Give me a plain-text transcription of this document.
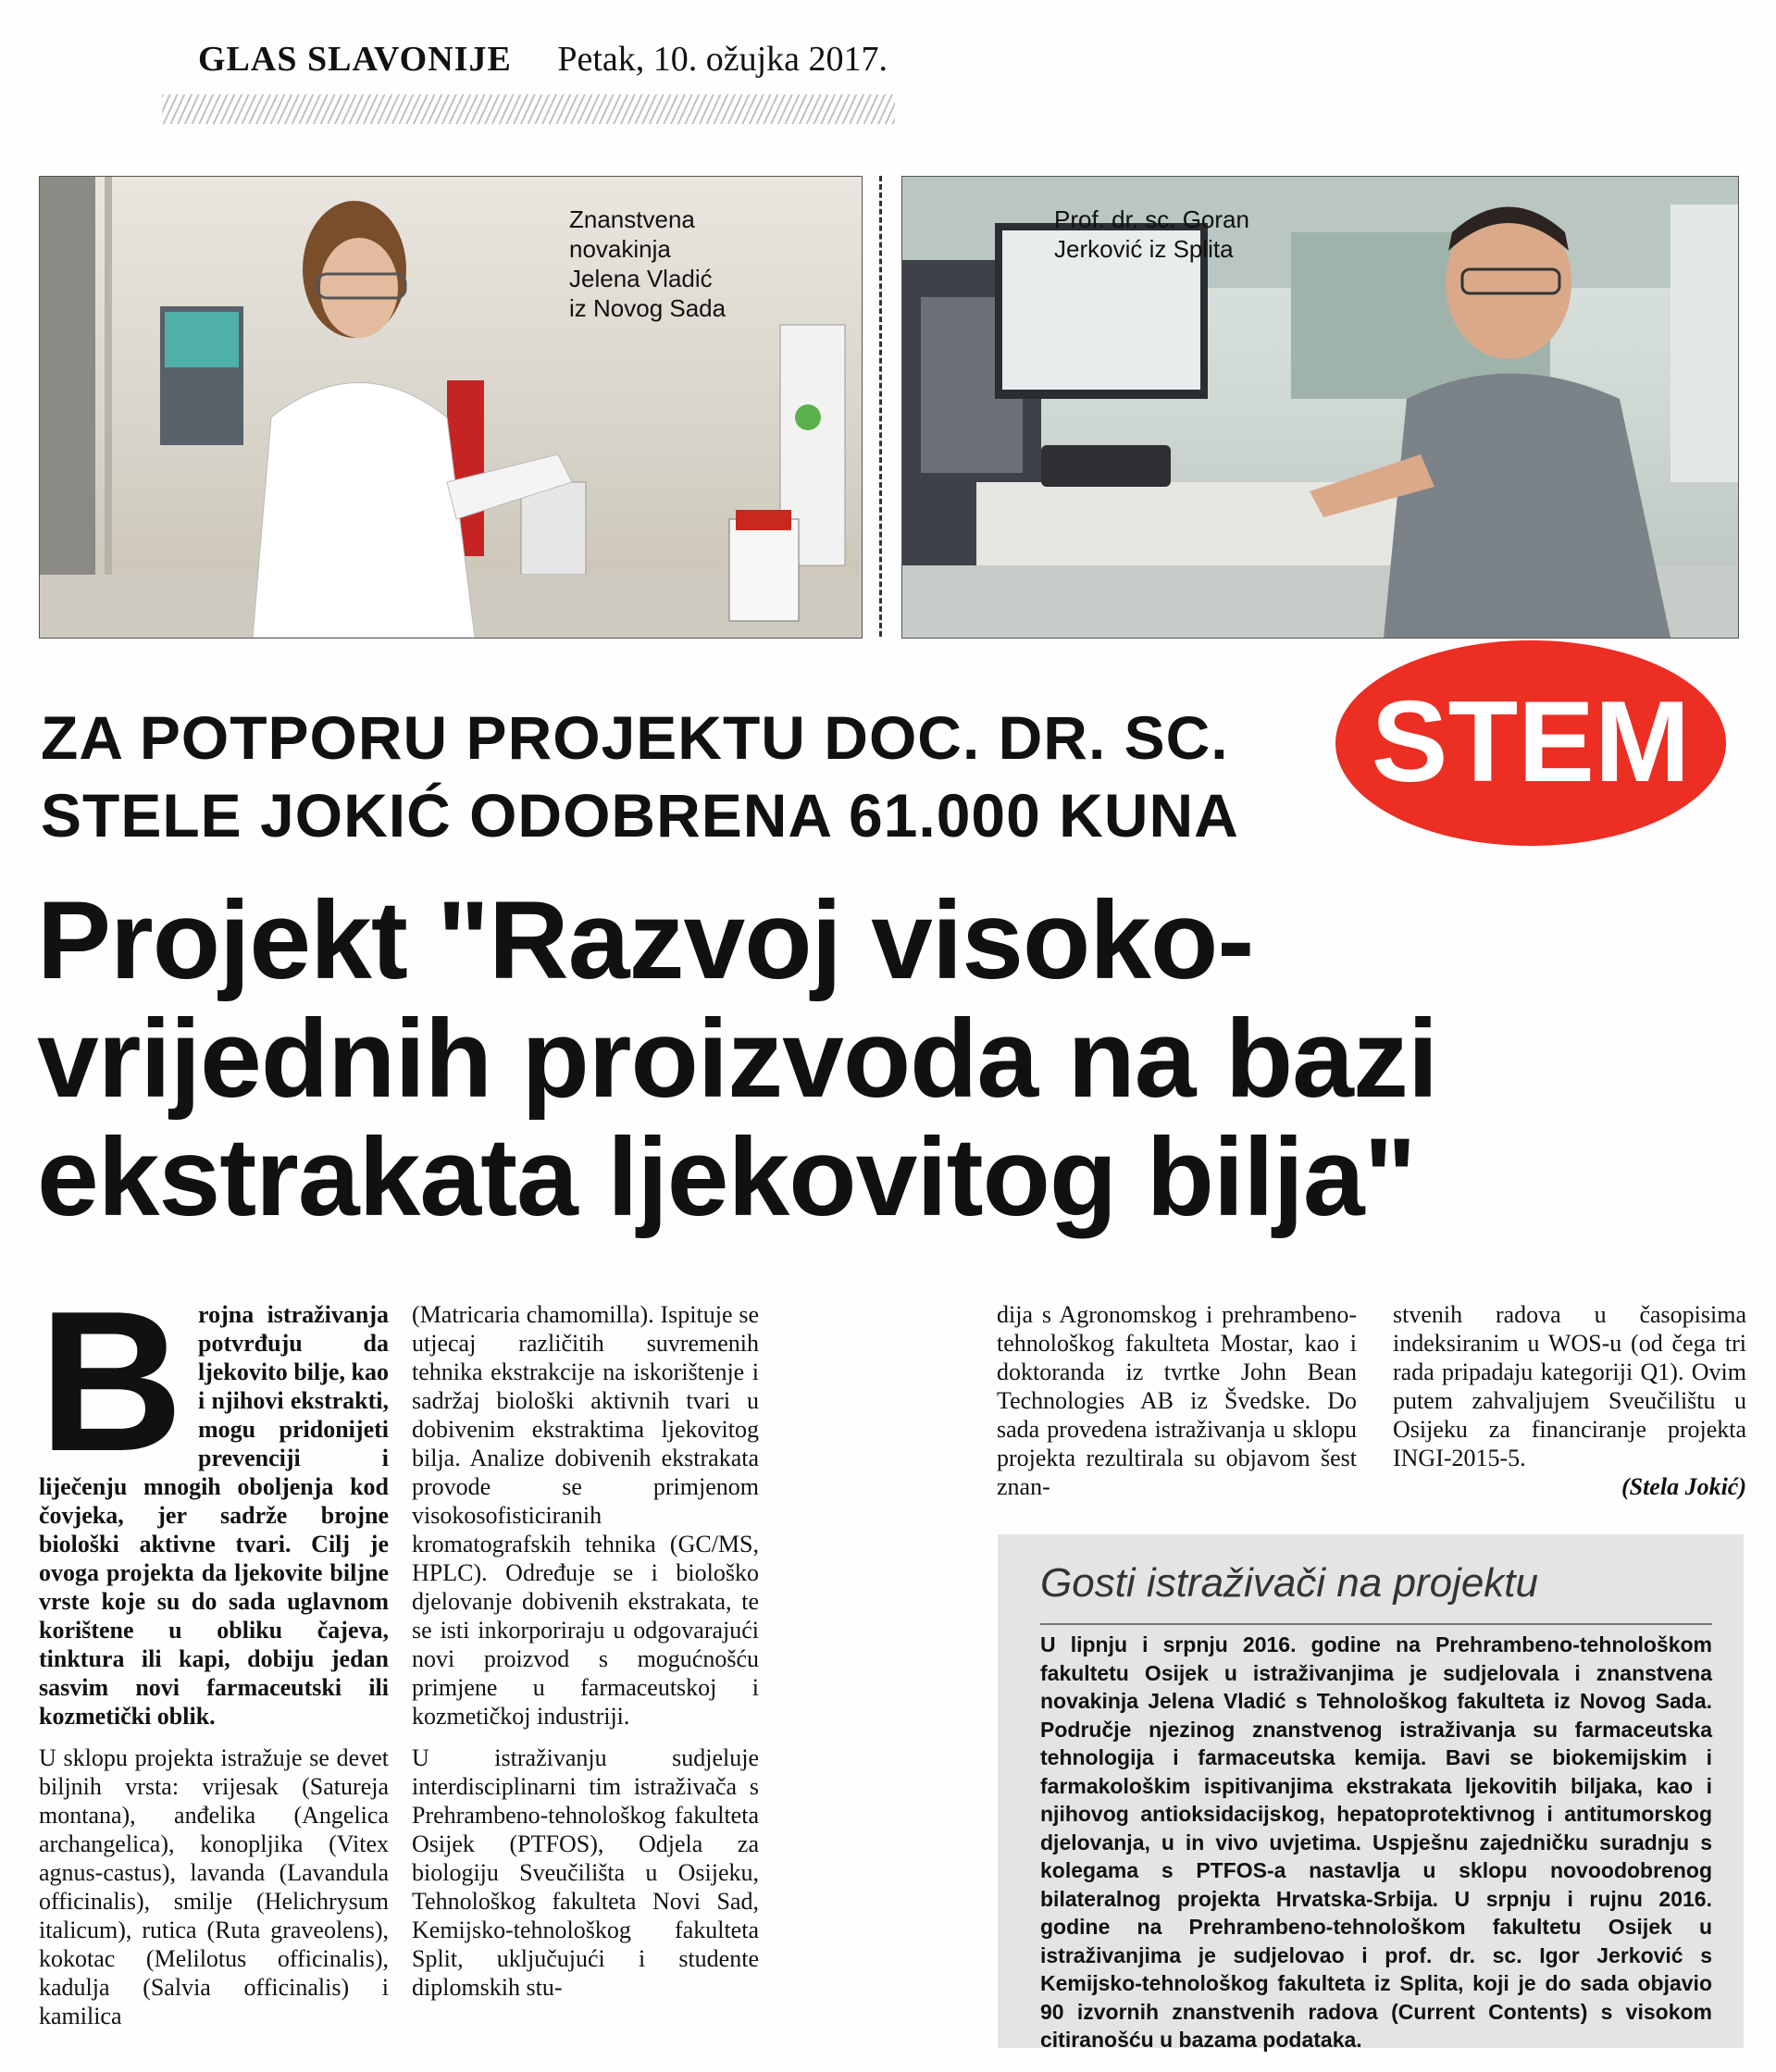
GLAS SLAVONIJE Petak, 10. ožujka 2017.
Znanstvena
novakinja
Jelena Vladić
iz Novog Sada
Prof. dr. sc. Goran
Jerković iz Splita
ZA POTPORU PROJEKTU DOC. DR. SC.
STELE JOKIĆ ODOBRENA 61.000 KUNA
STEM
Projekt "Razvoj visoko-
vrijednih proizvoda na bazi
ekstrakata ljekovitog bilja"

Brojna istraživanja potvrđuju da ljekovito bilje, kao i njihovi ekstrakti, mogu pridonijeti prevenciji i liječenju mnogih oboljenja kod čovjeka, jer sadrže brojne biološki aktivne tvari. Cilj je ovoga projekta da ljekovite biljne vrste koje su do sada uglavnom korištene u obliku čajeva, tinktura ili kapi, dobiju jedan sasvim novi farmaceutski ili kozmetički oblik.

U sklopu projekta istražuje se devet biljnih vrsta: vrijesak (Satureja montana), anđelika (Angelica archangelica), konopljika (Vitex agnus-castus), lavanda (Lavandula officinalis), smilje (Helichrysum italicum), rutica (Ruta graveolens), kokotac (Melilotus officinalis), kadulja (Salvia officinalis) i kamilica

(Matricaria chamomilla). Ispituje se utjecaj različitih suvremenih tehnika ekstrakcije na iskorištenje i sadržaj biološki aktivnih tvari u dobivenim ekstraktima ljekovitog bilja. Analize dobivenih ekstrakata provode se primjenom visokosofisticiranih kromatografskih tehnika (GC/MS, HPLC). Određuje se i biološko djelovanje dobivenih ekstrakata, te se isti inkorporiraju u odgovarajući novi proizvod s mogućnošću primjene u farmaceutskoj i kozmetičkoj industriji.

U istraživanju sudjeluje interdisciplinarni tim istraživača s Prehrambeno-tehnološkog fakulteta Osijek (PTFOS), Odjela za biologiju Sveučilišta u Osijeku, Tehnološkog fakulteta Novi Sad, Kemijsko-tehnološkog fakulteta Split, uključujući i studente diplomskih stu-

dija s Agronomskog i prehrambeno-tehnološkog fakulteta Mostar, kao i doktoranda iz tvrtke John Bean Technologies AB iz Švedske. Do sada provedena istraživanja u sklopu projekta rezultirala su objavom šest znan-

stvenih radova u časopisima indeksiranim u WOS-u (od čega tri rada pripadaju kategoriji Q1). Ovim putem zahvaljujem Sveučilištu u Osijeku za financiranje projekta INGI-2015-5.

(Stela Jokić)
Gosti istraživači na projektu
U lipnju i srpnju 2016. godine na Prehrambeno-tehnološkom fakultetu Osijek u istraživanjima je sudjelovala i znanstvena novakinja Jelena Vladić s Tehnološkog fakulteta iz Novog Sada. Područje njezinog znanstvenog istraživanja su farmaceutska tehnologija i farmaceutska kemija. Bavi se biokemijskim i farmakološkim ispitivanjima ekstrakata ljekovitih biljaka, kao i njihovog antioksidacijskog, hepatoprotektivnog i antitumorskog djelovanja, u in vivo uvjetima. Uspješnu zajedničku suradnju s kolegama s PTFOS-a nastavlja u sklopu novoodobrenog bilateralnog projekta Hrvatska-Srbija. U srpnju i rujnu 2016. godine na Prehrambeno-tehnološkom fakultetu Osijek u istraživanjima je sudjelovao i prof. dr. sc. Igor Jerković s Kemijsko-tehnološkog fakulteta iz Splita, koji je do sada objavio 90 izvornih znanstvenih radova (Current Contents) s visokom citiranošću u bazama podataka.
